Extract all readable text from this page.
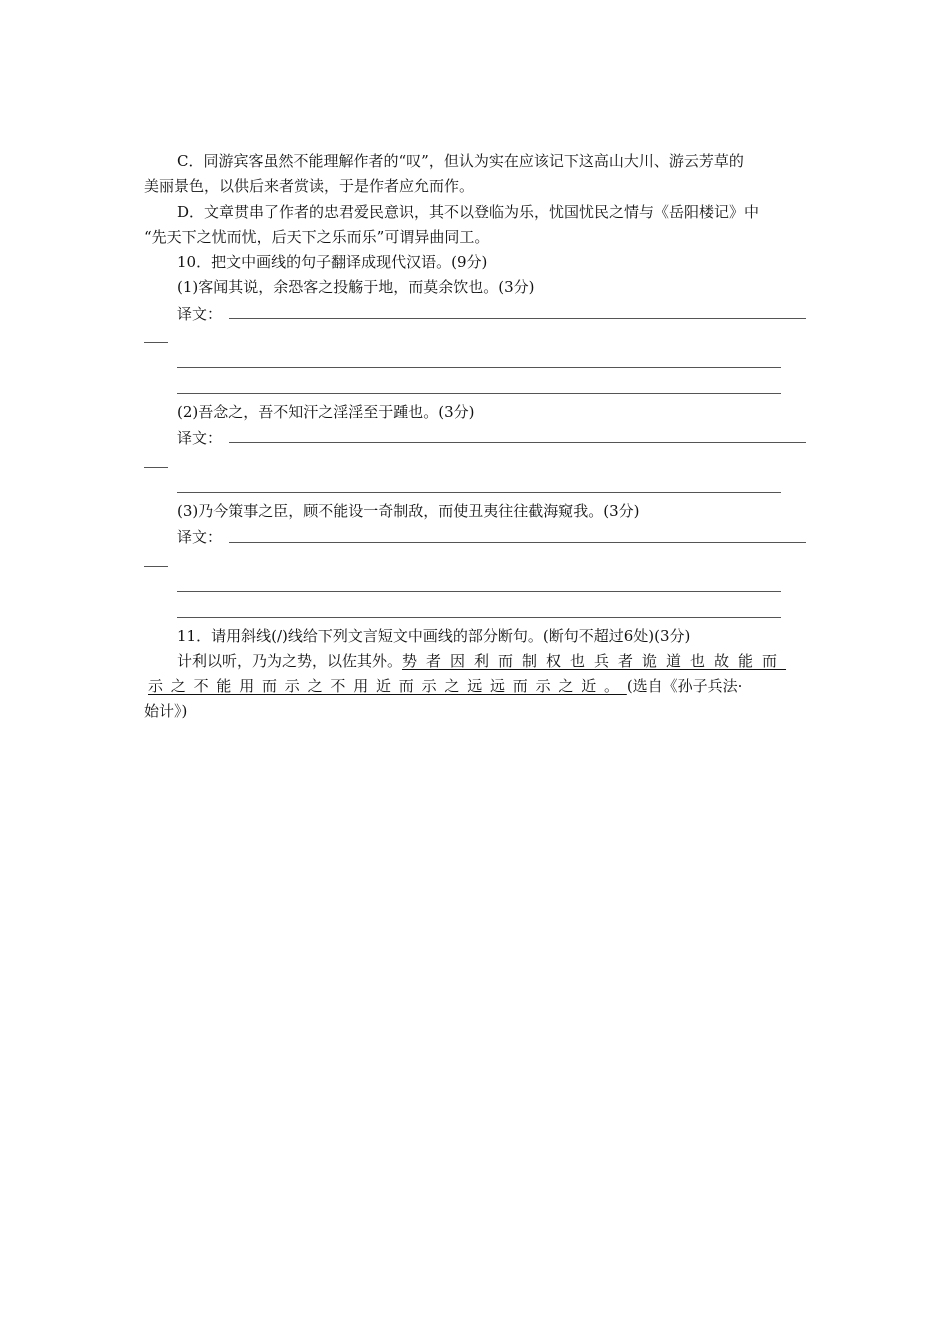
C．同游宾客虽然不能理解作者的“叹”，但认为实在应该记下这高山大川、游云芳草的
美丽景色，以供后来者赏读，于是作者应允而作。
D．文章贯串了作者的忠君爱民意识，其不以登临为乐，忧国忧民之情与《岳阳楼记》中
“先天下之忧而忧，后天下之乐而乐”可谓异曲同工。
10．把文中画线的句子翻译成现代汉语。(9分)
(1)客闻其说，余恐客之投觞于地，而莫余饮也。(3分)
译文：
(2)吾念之，吾不知汗之淫淫至于踵也。(3分)
译文：
(3)乃今策事之臣，顾不能设一奇制敌，而使丑夷往往截海窥我。(3分)
译文：
11．请用斜线(/)线给下列文言短文中画线的部分断句。(断句不超过6处)(3分)
计利以听，乃为之势，以佐其外。势者因利而制权也兵者诡道也故能而
示之不能用而示之不用近而示之远远而示之近。(选自《孙子兵法·
始计》)
